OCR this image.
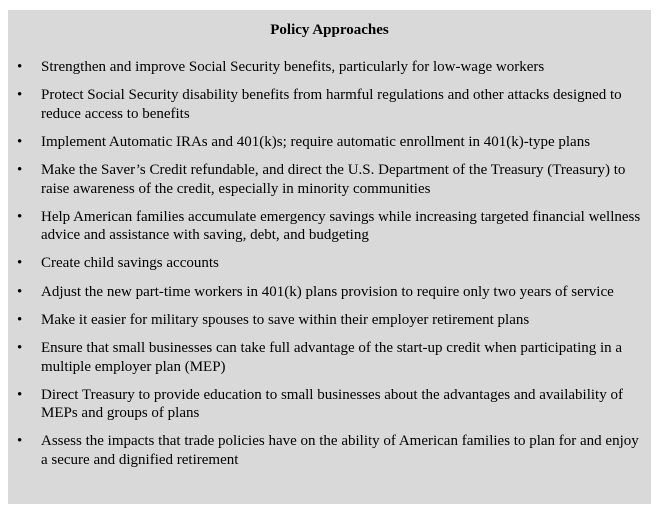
Policy Approaches
• Strengthen and improve Social Security benefits, particularly for low-wage workers
• Protect Social Security disability benefits from harmful regulations and other attacks designed to reduce access to benefits
• Implement Automatic IRAs and 401(k)s; require automatic enrollment in 401(k)-type plans
• Make the Saver’s Credit refundable, and direct the U.S. Department of the Treasury (Treasury) to raise awareness of the credit, especially in minority communities
• Help American families accumulate emergency savings while increasing targeted financial wellness advice and assistance with saving, debt, and budgeting
• Create child savings accounts
• Adjust the new part-time workers in 401(k) plans provision to require only two years of service
• Make it easier for military spouses to save within their employer retirement plans
• Ensure that small businesses can take full advantage of the start-up credit when participating in a multiple employer plan (MEP)
• Direct Treasury to provide education to small businesses about the advantages and availability of MEPs and groups of plans
• Assess the impacts that trade policies have on the ability of American families to plan for and enjoy a secure and dignified retirement
